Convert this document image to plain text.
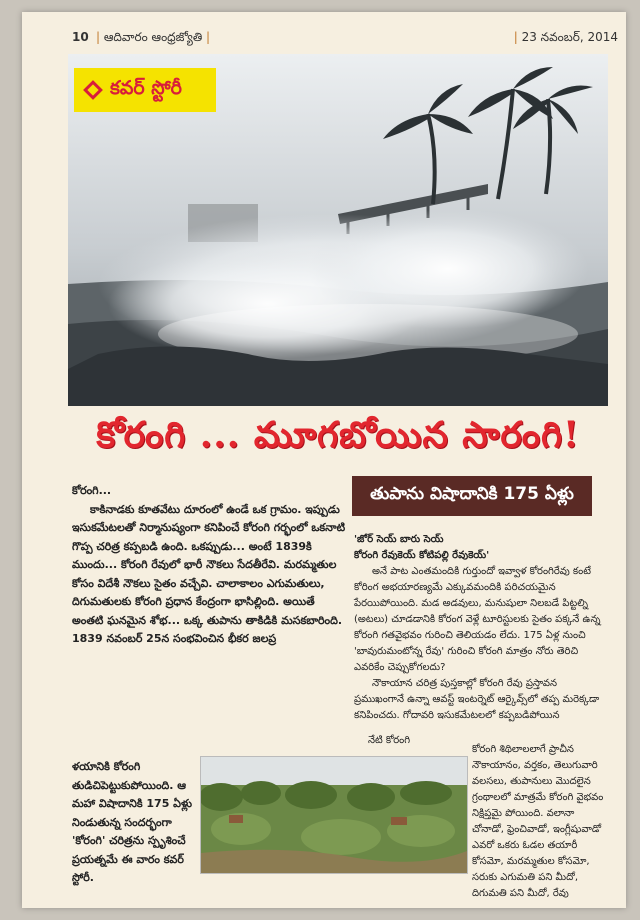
10 | ఆదివారం ఆంధ్రజ్యోతి |	| 23 నవంబర్, 2014
కవర్ స్టోరీ
కోరంగి ... మూగబోయిన సారంగి!
తుపాను విషాదానికి 175 ఏళ్లు

కోరంగి...

కాకినాడకు కూతవేటు దూరంలో ఉండే ఒక గ్రామం. ఇప్పుడు ఇసుకమేటలతో నిర్మానుష్యంగా కనిపించే కోరంగి గర్భంలో ఒకనాటి గొప్ప చరిత్ర కప్పబడి ఉంది. ఒకప్పుడు... అంటే 1839కి ముందు... కోరంగి రేవులో భారీ నౌకలు సేదతీరేవి. మరమ్మతుల కోసం విదేశీ నౌకలు సైతం వచ్చేవి. చాలాకాలం ఎగుమతులు, దిగుమతులకు కోరంగి ప్రధాన కేంద్రంగా భాసిల్లింది. అయితే అంతటి ఘనమైన శోభ... ఒక్క తుపాను తాకిడికి మసకబారింది. 1839 నవంబర్ 25న సంభవించిన భీకర జలప్ర

ళయానికి కోరంగి తుడిచిపెట్టుకుపోయింది. ఆ మహా విషాదానికి 175 ఏళ్లు నిండుతున్న సందర్భంగా 'కోరంగి' చరిత్రను స్పృశించే ప్రయత్నమే ఈ వారం కవర్ స్టోరీ.

'జోర్ సెయ్ బారు సెయ్

కోరంగి రేవుకెయ్ కోటిపల్లి రేవుకెయ్'

అనే పాట ఎంతమందికి గుర్తుందో ఇవ్వాళ కోరంగిరేవు కంటే కోరింగ అభయారణ్యమే ఎక్కువమందికి పరిచయమైన పేరయిపోయింది. మడ అడవులు, మనుషులా నిలబడే పిట్టల్ని (అటలు) చూడడానికి కోరంగ వెళ్లే టూరిస్టులకు సైతం పక్కనే ఉన్న కోరంగి గతవైభవం గురించి తెలియడం లేదు. 175 ఏళ్ల నుంచి 'బావురుమంటోన్న రేవు' గురించి కోరంగి మాత్రం నోరు తెరిచి ఎవరికేం చెప్పుకోగలదు?

నౌకాయాన చరిత్ర పుస్తకాల్లో కోరంగి రేవు ప్రస్తావన ప్రముఖంగానే ఉన్నా ఆవస్ట్ ఇంటర్నెట్ ఆర్కైవ్స్‌లో తప్ప మరెక్కడా కనిపించదు. గోదావరి ఇసుకమేటలలో కప్పబడిపోయిన

నేటి కోరంగి

కోరంగి శిథిలాలలాగే ప్రాచీన నౌకాయానం, వర్తకం, తెలుగువారి వలసలు, తుపానులు మొదలైన గ్రంథాలలో మాత్రమే కోరంగి వైభవం నిక్షిప్తమై పోయింది. వలానా చోనాడో, ఫ్రెంచివాడో, ఇంగ్లీషువాడో ఎవరో ఒకరు ఓడల తయారీ కోసమో, మరమ్మతుల కోసమో, సరుకు ఎగుమతి పని మీదో, దిగుమతి పని మీదో, రేవు
